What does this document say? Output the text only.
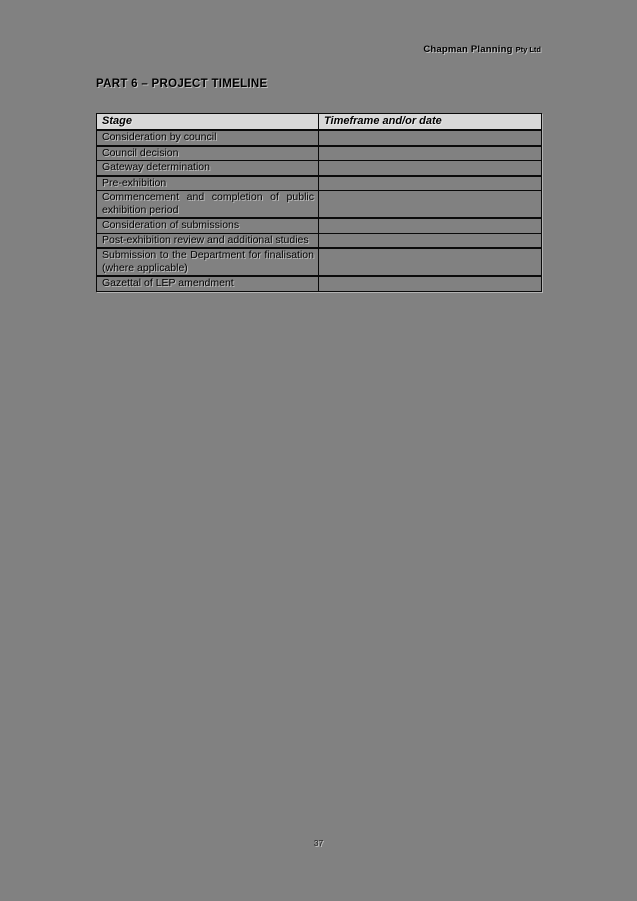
Chapman Planning Pty Ltd
PART 6 – PROJECT TIMELINE
Stage	Timeframe and/or date
Consideration by council	
Council decision	
Gateway determination	
Pre-exhibition	
Commencement and completion of public exhibition period	
Consideration of submissions	
Post-exhibition review and additional studies	
Submission to the Department for finalisation (where applicable)	
Gazettal of LEP amendment	
37
